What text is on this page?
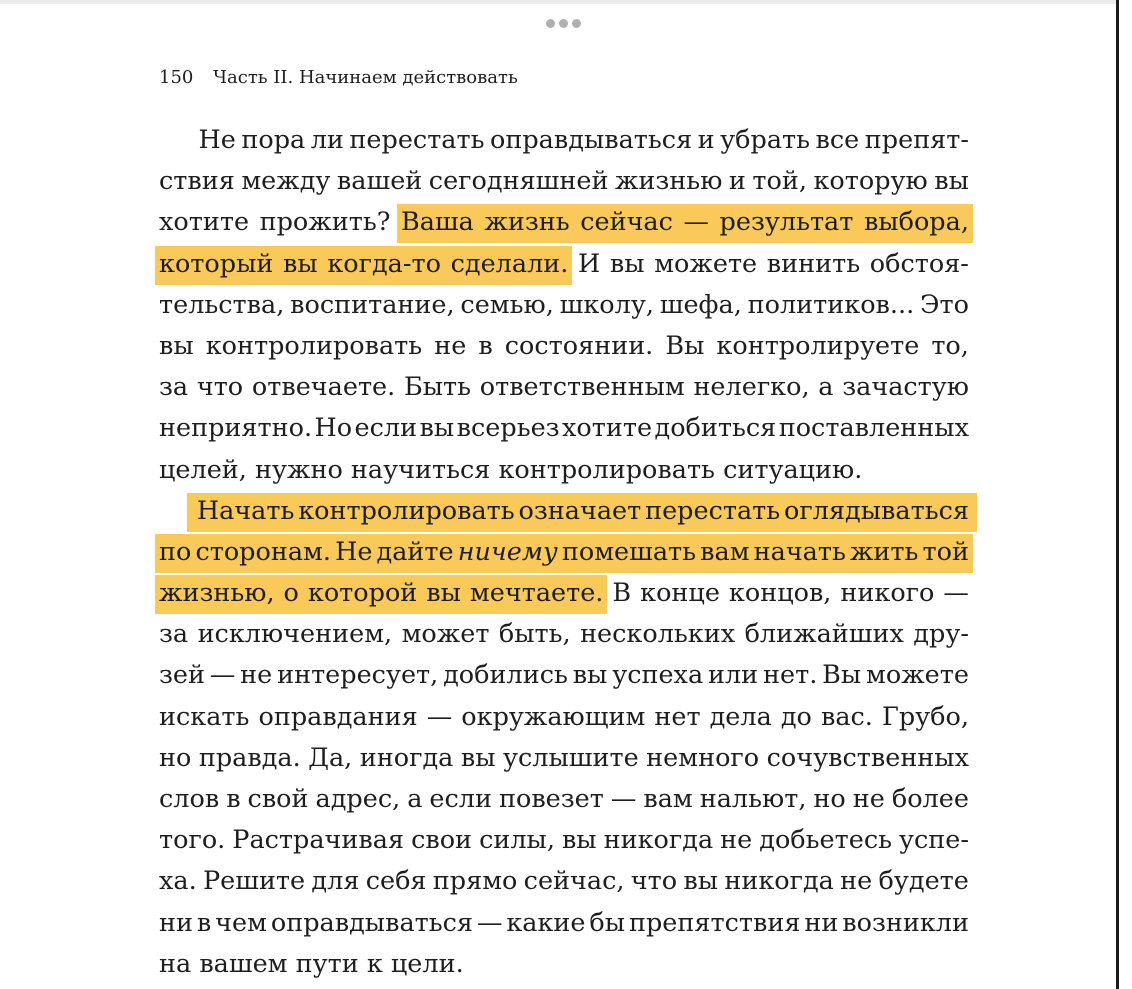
150 Часть II. Начинаем действовать
Не пора ли перестать оправдываться и убрать все препят-
ствия между вашей сегодняшней жизнью и той, которую вы
хотите прожить? Ваша жизнь сейчас — результат выбора,
который вы когда-то сделали. И вы можете винить обстоя-
тельства, воспитание, семью, школу, шефа, политиков... Это
вы контролировать не в состоянии. Вы контролируете то,
за что отвечаете. Быть ответственным нелегко, а зачастую
неприятно. Но если вы всерьез хотите добиться поставленных
целей,
нужно
научиться
контролировать
ситуацию.
Начать контролировать означает перестать оглядываться
по сторонам. Не дайте ничему помешать вам начать жить той
жизнью, о которой вы мечтаете. В конце концов, никого —
за исключением, может быть, нескольких ближайших дру-
зей — не интересует, добились вы успеха или нет. Вы можете
искать оправдания — окружающим нет дела до вас. Грубо,
но правда. Да, иногда вы услышите немного сочувственных
слов в свой адрес, а если повезет — вам нальют, но не более
того. Растрачивая свои силы, вы никогда не добьетесь успе-
ха. Решите для себя прямо сейчас, что вы никогда не будете
ни в чем оправдываться — какие бы препятствия ни возникли
на
вашем
пути
к
цели.
